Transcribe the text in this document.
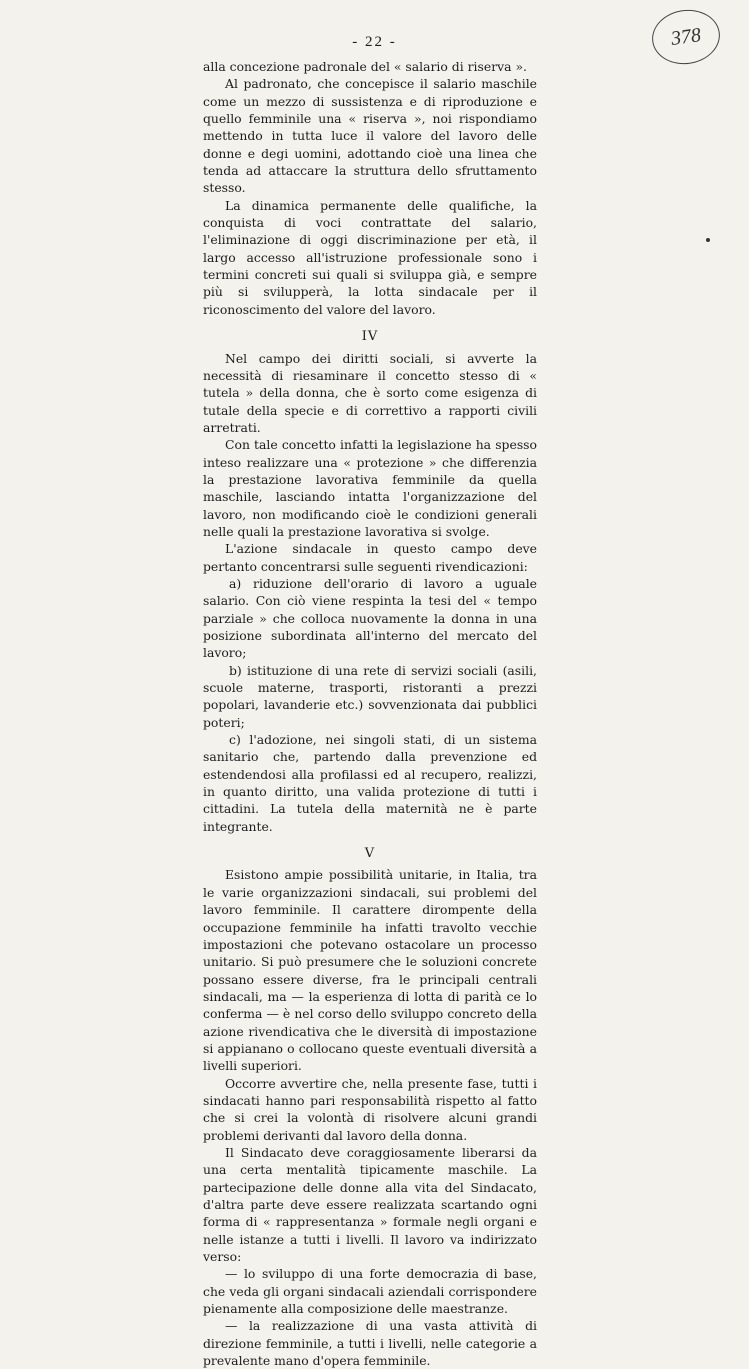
- 22 -	378

alla concezione padronale del « salario di riserva ».

Al padronato, che concepisce il salario maschile come un mezzo di sussistenza e di riproduzione e quello femminile una « riserva », noi rispondiamo mettendo in tutta luce il valore del lavoro delle donne e degi uomini, adottando cioè una linea che tenda ad attaccare la struttura dello sfruttamento stesso.

La dinamica permanente delle qualifiche, la conquista di voci contrattate del salario, l'eliminazione di oggi discriminazione per età, il largo accesso all'istruzione professionale sono i termini concreti sui quali si sviluppa già, e sempre più si svilupperà, la lotta sindacale per il riconoscimento del valore del lavoro.

IV

Nel campo dei diritti sociali, si avverte la necessità di riesaminare il concetto stesso di « tutela » della donna, che è sorto come esigenza di tutale della specie e di correttivo a rapporti civili arretrati.

Con tale concetto infatti la legislazione ha spesso inteso realizzare una « protezione » che differenzia la prestazione lavorativa femminile da quella maschile, lasciando intatta l'organizzazione del lavoro, non modificando cioè le condizioni generali nelle quali la prestazione lavorativa si svolge.

L'azione sindacale in questo campo deve pertanto concentrarsi sulle seguenti rivendicazioni:

a) riduzione dell'orario di lavoro a uguale salario. Con ciò viene respinta la tesi del « tempo parziale » che colloca nuovamente la donna in una posizione subordinata all'interno del mercato del lavoro;

b) istituzione di una rete di servizi sociali (asili, scuole materne, trasporti, ristoranti a prezzi popolari, lavanderie etc.) sovvenzionata dai pubblici poteri;

c) l'adozione, nei singoli stati, di un sistema sanitario che, partendo dalla prevenzione ed estendendosi alla profilassi ed al recupero, realizzi, in quanto diritto, una valida protezione di tutti i cittadini. La tutela della maternità ne è parte integrante.

V

Esistono ampie possibilità unitarie, in Italia, tra le varie organizzazioni sindacali, sui problemi del lavoro femminile. Il carattere dirompente della occupazione femminile ha infatti travolto vecchie impostazioni che potevano ostacolare un processo unitario. Si può presumere che le soluzioni concrete possano essere diverse, fra le principali centrali sindacali, ma — la esperienza di lotta di parità ce lo conferma — è nel corso dello sviluppo concreto della azione rivendicativa che le diversità di impostazione si appianano o collocano queste eventuali diversità a livelli superiori.

Occorre avvertire che, nella presente fase, tutti i sindacati hanno pari responsabilità rispetto al fatto che si crei la volontà di risolvere alcuni grandi problemi derivanti dal lavoro della donna.

Il Sindacato deve coraggiosamente liberarsi da una certa mentalità tipicamente maschile. La partecipazione delle donne alla vita del Sindacato, d'altra parte deve essere realizzata scartando ogni forma di « rappresentanza » formale negli organi e nelle istanze a tutti i livelli. Il lavoro va indirizzato verso:

— lo sviluppo di una forte democrazia di base, che veda gli organi sindacali aziendali corrispondere pienamente alla composizione delle maestranze.

— la realizzazione di una vasta attività di direzione femminile, a tutti i livelli, nelle categorie a prevalente mano d'opera femminile.
